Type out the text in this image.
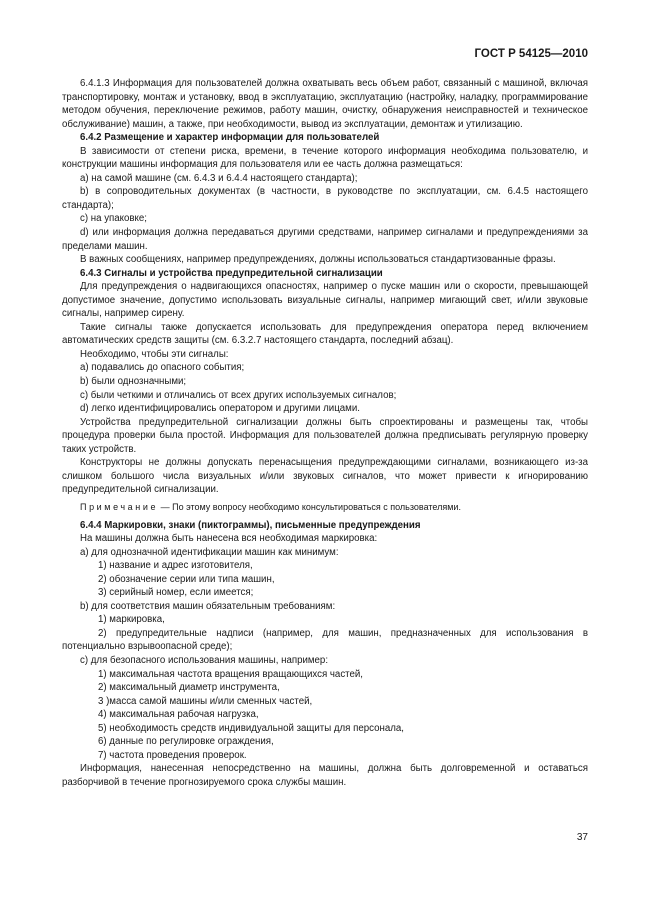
ГОСТ Р 54125—2010

6.4.1.3 Информация для пользователей должна охватывать весь объем работ, связанный с машиной, включая транспортировку, монтаж и установку, ввод в эксплуатацию, эксплуатацию (настройку, наладку, программирование методом обучения, переключение режимов, работу машин, очистку, обнаружения неисправностей и техническое обслуживание) машин, а также, при необходимости, вывод из эксплуатации, демонтаж и утилизацию.

6.4.2 Размещение и характер информации для пользователей

В зависимости от степени риска, времени, в течение которого информация необходима пользователю, и конструкции машины информация для пользователя или ее часть должна размещаться:

а) на самой машине (см. 6.4.3 и 6.4.4 настоящего стандарта);

b) в сопроводительных документах (в частности, в руководстве по эксплуатации, см. 6.4.5 настоящего стандарта);

с) на упаковке;

d) или информация должна передаваться другими средствами, например сигналами и предупреждениями за пределами машин.

В важных сообщениях, например предупреждениях, должны использоваться стандартизованные фразы.

6.4.3 Сигналы и устройства предупредительной сигнализации

Для предупреждения о надвигающихся опасностях, например о пуске машин или о скорости, превышающей допустимое значение, допустимо использовать визуальные сигналы, например мигающий свет, и/или звуковые сигналы, например сирену.

Такие сигналы также допускается использовать для предупреждения оператора перед включением автоматических средств защиты (см. 6.3.2.7 настоящего стандарта, последний абзац).

Необходимо, чтобы эти сигналы:

а) подавались до опасного события;

b) были однозначными;

с) были четкими и отличались от всех других используемых сигналов;

d) легко идентифицировались оператором и другими лицами.

Устройства предупредительной сигнализации должны быть спроектированы и размещены так, чтобы процедура проверки была простой. Информация для пользователей должна предписывать регулярную проверку таких устройств.

Конструкторы не должны допускать перенасыщения предупреждающими сигналами, возникающего из-за слишком большого числа визуальных и/или звуковых сигналов, что может привести к игнорированию предупредительной сигнализации.

Примечание — По этому вопросу необходимо консультироваться с пользователями.

6.4.4 Маркировки, знаки (пиктограммы), письменные предупреждения

На машины должна быть нанесена вся необходимая маркировка:

а) для однозначной идентификации машин как минимум:

1) название и адрес изготовителя,

2) обозначение серии или типа машин,

3) серийный номер, если имеется;

b) для соответствия машин обязательным требованиям:

1) маркировка,

2) предупредительные надписи (например, для машин, предназначенных для использования в потенциально взрывоопасной среде);

с) для безопасного использования машины, например:

1) максимальная частота вращения вращающихся частей,

2) максимальный диаметр инструмента,

3 )масса самой машины и/или сменных частей,

4) максимальная рабочая нагрузка,

5) необходимость средств индивидуальной защиты для персонала,

6) данные по регулировке ограждения,

7) частота проведения проверок.

Информация, нанесенная непосредственно на машины, должна быть долговременной и оставаться разборчивой в течение прогнозируемого срока службы машин.

37
